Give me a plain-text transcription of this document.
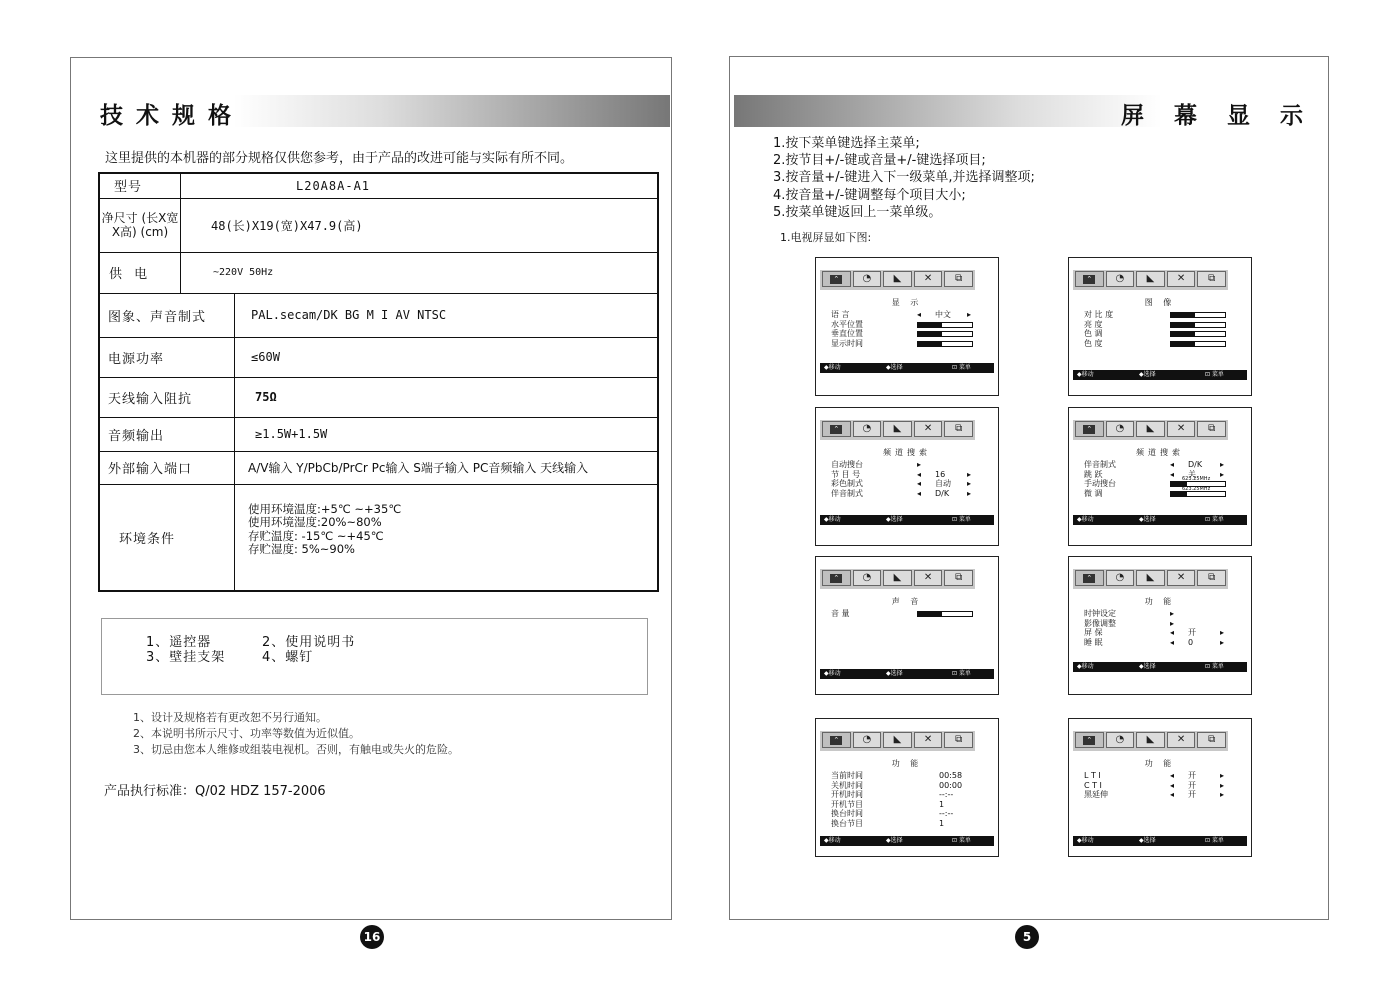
技术规格
这里提供的本机器的部分规格仅供您参考，由于产品的改进可能与实际有所不同。
型号	L20A8A-A1	
净尺寸 (长X宽X高) (cm)	48(长)X19(宽)X47.9(高)	
供 电	~220V 50Hz	
图象、声音制式		PAL.secam/DK BG M I AV NTSC
电源功率		≤60W
天线输入阻抗		75Ω
音频输出		≥1.5W+1.5W
外部输入端口		A/V输入 Y/PbCb/PrCr Pc输入 S端子输入 PC音频输入 天线输入
环境条件		使用环境温度:+5℃ ~+35℃
使用环境湿度:20%~80%
存贮温度: -15℃ ~+45℃
存贮湿度: 5%~90%
1、遥控器	2、使用说明书
3、壁挂支架	4、螺钉
1、设计及规格若有更改恕不另行通知。
2、本说明书所示尺寸、功率等数值为近似值。
3、切忌由您本人维修或组装电视机。否则，有触电或失火的危险。
产品执行标准：Q/02 HDZ 157-2006
16
屏幕显示
1.按下菜单键选择主菜单;
2.按节目+/-键或音量+/-键选择项目;
3.按音量+/-键进入下一级菜单,并选择调整项;
4.按音量+/-键调整每个项目大小;
5.按菜单键返回上一菜单级。
1.电视屏显如下图:
5
⌃	◔	◣	✕	⧉
显 示
语 言	◂	▸
中文
水平位置
垂直位置
显示时间
◆移动	◆选择	⊡ 菜单
⌃	◔	◣	✕	⧉
图 像
对 比 度
亮 度
色 调
色 度
◆移动	◆选择	⊡ 菜单
⌃	◔	◣	✕	⧉
频道搜索
自动搜台	▸
节 目 号	◂	▸
16
彩色制式	◂	▸
自动
伴音制式	◂	▸
D/K
◆移动	◆选择	⊡ 菜单
⌃	◔	◣	✕	⧉
频道搜索
伴音制式	◂	▸
D/K
跳 跃	◂	▸
关
手动搜台	623.25MHz
微 调	623.25MHz
◆移动	◆选择	⊡ 菜单
⌃	◔	◣	✕	⧉
声 音
音 量
◆移动	◆选择	⊡ 菜单
⌃	◔	◣	✕	⧉
功 能
时钟设定	▸
影像调整	▸
屏 保	◂	▸
开
睡 眠	◂	▸
0
◆移动	◆选择	⊡ 菜单
⌃	◔	◣	✕	⧉
功 能
当前时间	00:58
关机时间	00:00
开机时间	--:--
开机节目	1
换台时间	--:--
换台节目	1
◆移动	◆选择	⊡ 菜单
⌃	◔	◣	✕	⧉
功 能
L T I	◂	▸
开
C T I	◂	▸
开
黑延伸	◂	▸
开
◆移动	◆选择	⊡ 菜单
